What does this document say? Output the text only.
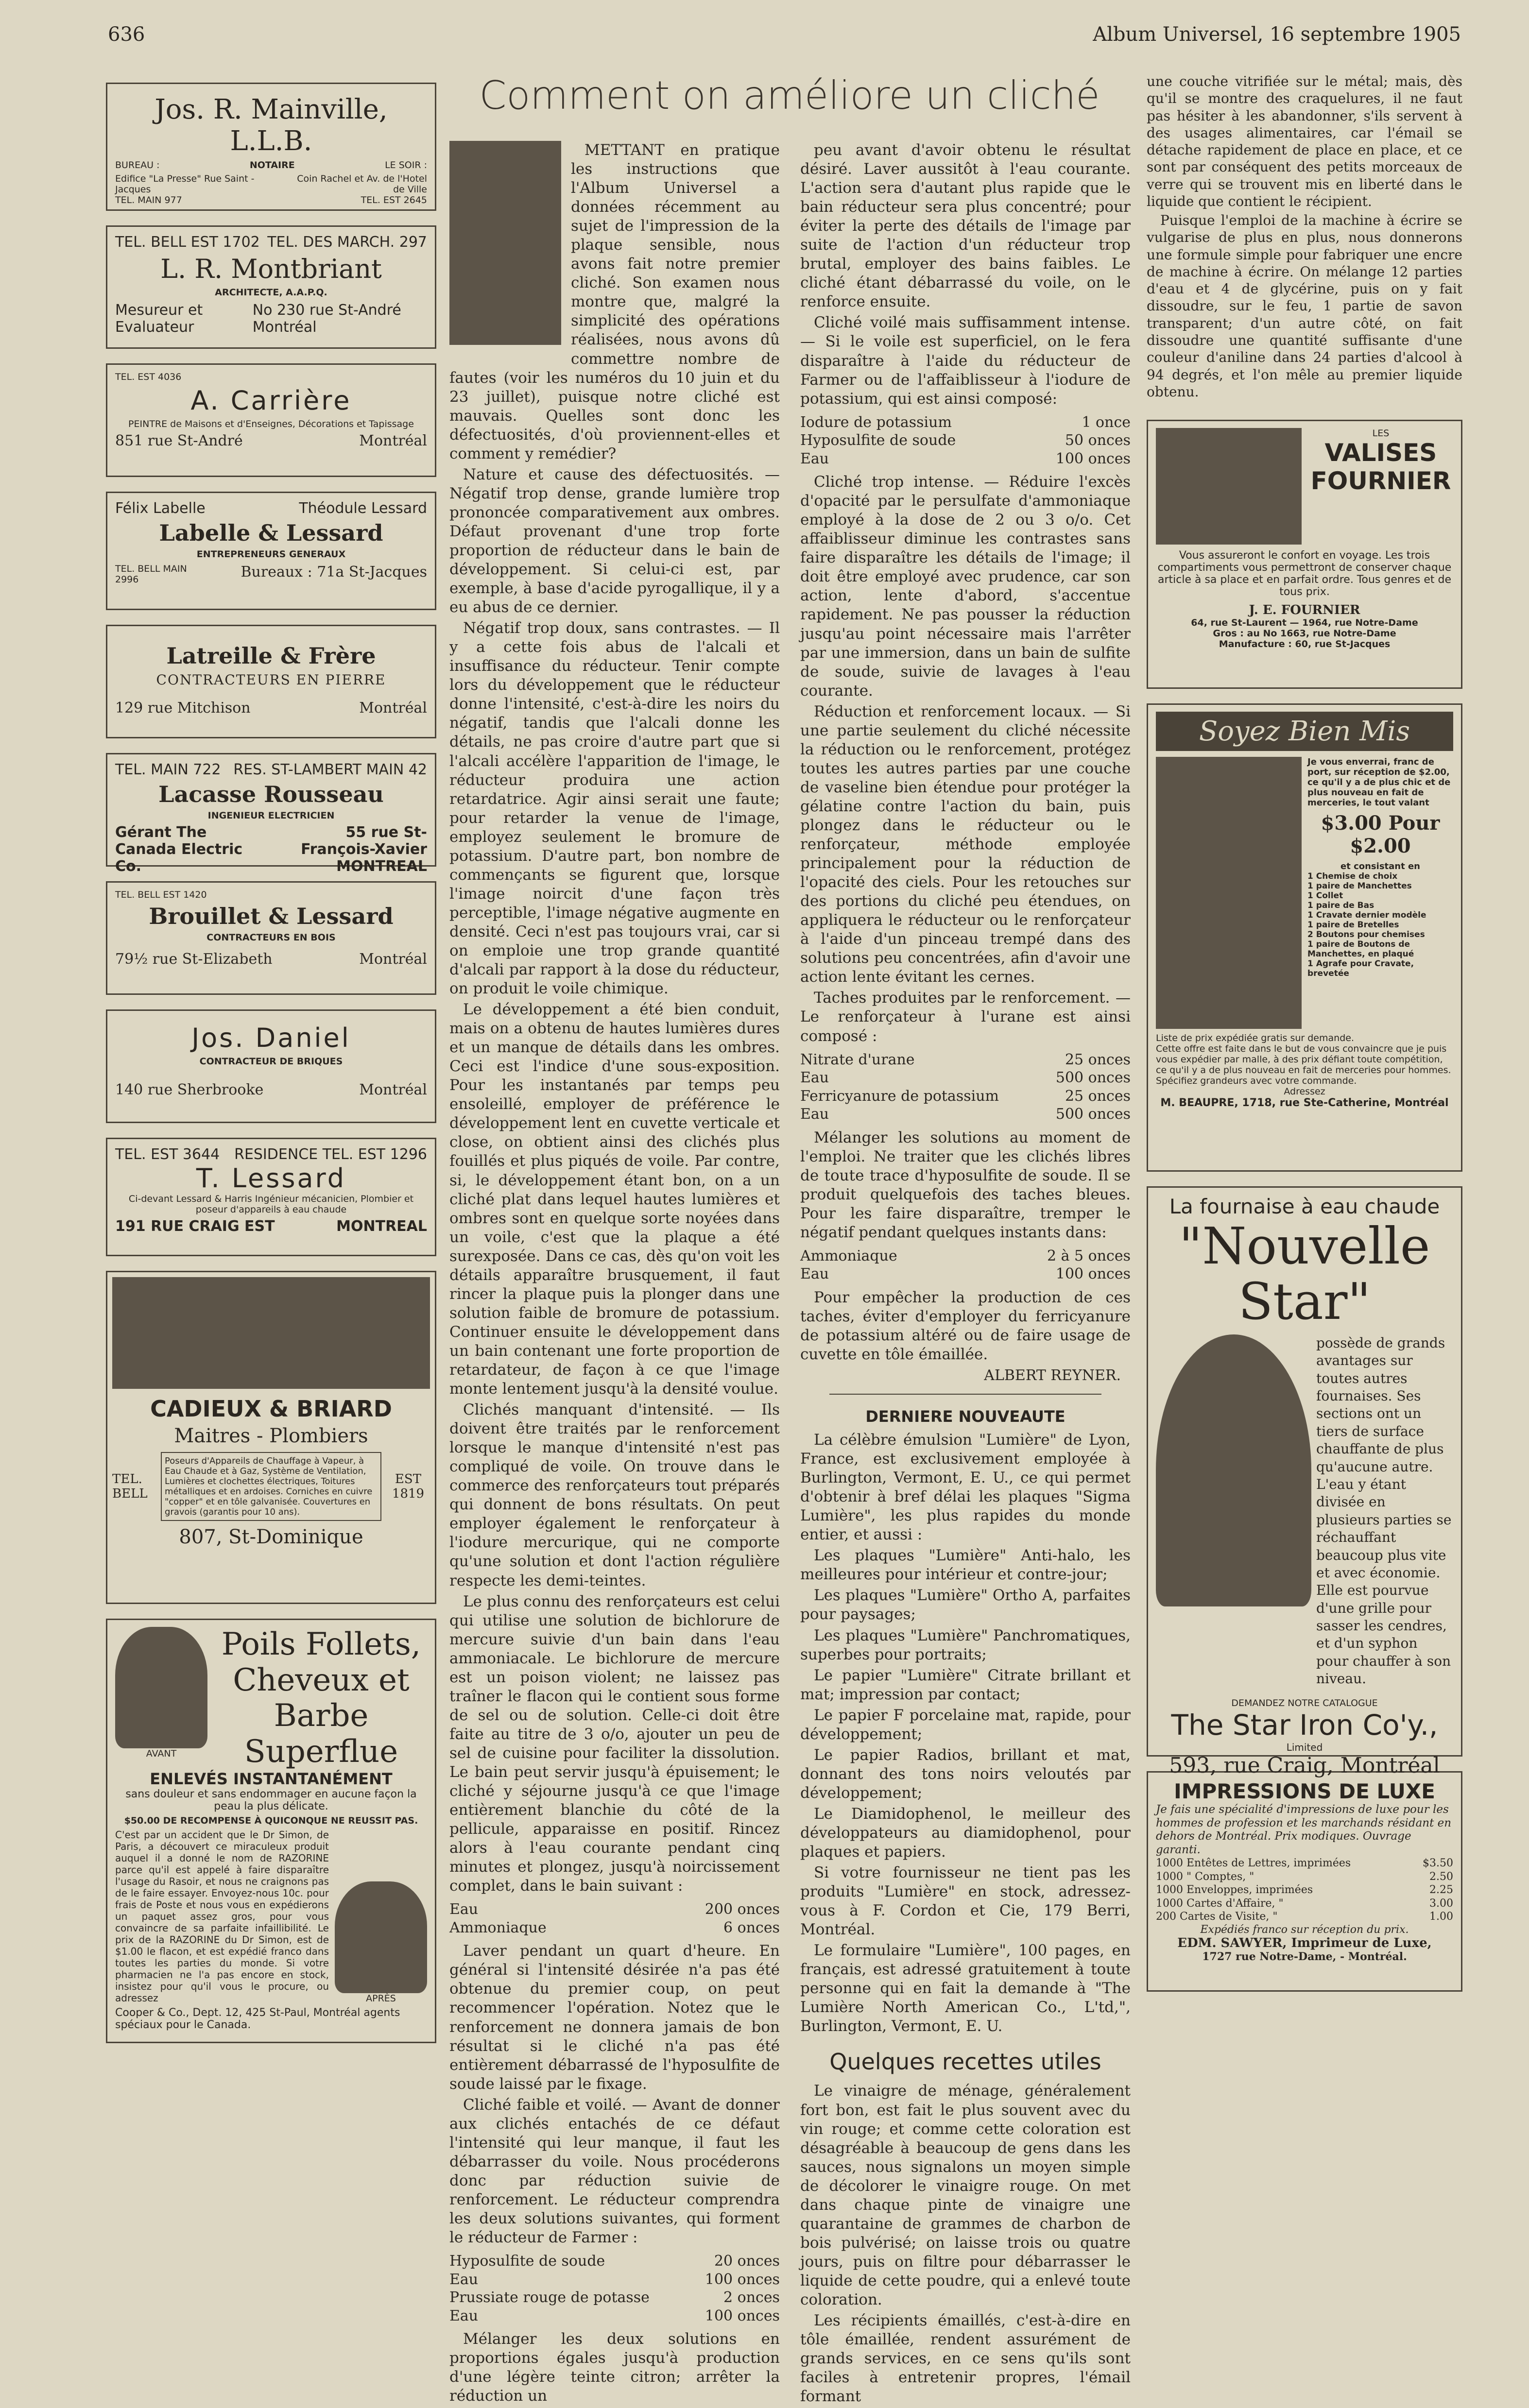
636	Album Universel, 16 septembre 1905
Jos. R. Mainville, L.L.B.
BUREAU :	NOTAIRE	LE SOIR :
Edifice "La Presse" Rue Saint - Jacques
Coin Rachel et Av. de l'Hotel de Ville
TEL. MAIN 977	TEL. EST 2645
TEL. BELL EST 1702 TEL. DES MARCH. 297
L. R. Montbriant
ARCHITECTE, A.A.P.Q.
Mesureur et Evaluateur
No 230 rue St-André Montréal
TEL. EST 4036
A. Carrière
PEINTRE de Maisons et d'Enseignes, Décorations et Tapissage
851 rue St-André	Montréal
Félix Labelle	Théodule Lessard
Labelle & Lessard
ENTREPRENEURS GENERAUX
TEL. BELL MAIN 2996	Bureaux : 71a St-Jacques
Latreille & Frère
CONTRACTEURS EN PIERRE
129 rue Mitchison	Montréal
TEL. MAIN 722 RES. ST-LAMBERT MAIN 42
Lacasse Rousseau
INGENIEUR ELECTRICIEN
Gérant The Canada Electric Co.
55 rue St-François-Xavier MONTREAL
TEL. BELL EST 1420
Brouillet & Lessard
CONTRACTEURS EN BOIS
79½ rue St-Elizabeth	Montréal
Jos. Daniel
CONTRACTEUR DE BRIQUES
140 rue Sherbrooke	Montréal
TEL. EST 3644 RESIDENCE TEL. EST 1296
T. Lessard
Ci-devant Lessard & Harris Ingénieur mécanicien, Plombier et poseur d'appareils à eau chaude
191 RUE CRAIG EST	MONTREAL
CADIEUX & BRIARD
Maitres - Plombiers
TEL. BELL
Poseurs d'Appareils de Chauffage à Vapeur, à Eau Chaude et à Gaz, Système de Ventilation, Lumières et clochettes électriques, Toitures métalliques et en ardoises. Corniches en cuivre "copper" et en tôle galvanisée. Couvertures en gravois (garantis pour 10 ans).
EST 1819
807, St-Dominique
AVANT
Poils Follets, Cheveux et Barbe Superflue
ENLEVÉS INSTANTANÉMENT
sans douleur et sans endommager en aucune façon la peau la plus délicate.
$50.00 DE RECOMPENSE À QUICONQUE NE REUSSIT PAS.
C'est par un accident que le Dr Simon, de Paris, a découvert ce miraculeux produit auquel il a donné le nom de RAZORINE parce qu'il est appelé à faire disparaître l'usage du Rasoir, et nous ne craignons pas de le faire essayer. Envoyez-nous 10c. pour frais de Poste et nous vous en expédierons un paquet assez gros, pour vous convaincre de sa parfaite infaillibilité. Le prix de la RAZORINE du Dr Simon, est de $1.00 le flacon, et est expédié franco dans toutes les parties du monde. Si votre pharmacien ne l'a pas encore en stock, insistez pour qu'il vous le procure, ou adressez	APRÈS
Cooper & Co., Dept. 12, 425 St-Paul, Montréal agents spéciaux pour le Canada.
Comment on améliore un cliché

METTANT en pratique les instructions que l'Album Universel a données récemment au sujet de l'impression de la plaque sensible, nous avons fait notre premier cliché. Son examen nous montre que, malgré la simplicité des opérations réalisées, nous avons dû commettre nombre de fautes (voir les numéros du 10 juin et du 23 juillet), puisque notre cliché est mauvais. Quelles sont donc les défectuosités, d'où proviennent-elles et comment y remédier?

Nature et cause des défectuosités. — Négatif trop dense, grande lumière trop prononcée comparativement aux ombres. Défaut provenant d'une trop forte proportion de réducteur dans le bain de développement. Si celui-ci est, par exemple, à base d'acide pyrogallique, il y a eu abus de ce dernier.

Négatif trop doux, sans contrastes. — Il y a cette fois abus de l'alcali et insuffisance du réducteur. Tenir compte lors du développement que le réducteur donne l'intensité, c'est-à-dire les noirs du négatif, tandis que l'alcali donne les détails, ne pas croire d'autre part que si l'alcali accélère l'apparition de l'image, le réducteur produira une action retardatrice. Agir ainsi serait une faute; pour retarder la venue de l'image, employez seulement le bromure de potassium. D'autre part, bon nombre de commençants se figurent que, lorsque l'image noircit d'une façon très perceptible, l'image négative augmente en densité. Ceci n'est pas toujours vrai, car si on emploie une trop grande quantité d'alcali par rapport à la dose du réducteur, on produit le voile chimique.

Le développement a été bien conduit, mais on a obtenu de hautes lumières dures et un manque de détails dans les ombres. Ceci est l'indice d'une sous-exposition. Pour les instantanés par temps peu ensoleillé, employer de préférence le développement lent en cuvette verticale et close, on obtient ainsi des clichés plus fouillés et plus piqués de voile. Par contre, si, le développement étant bon, on a un cliché plat dans lequel hautes lumières et ombres sont en quelque sorte noyées dans un voile, c'est que la plaque a été surexposée. Dans ce cas, dès qu'on voit les détails apparaître brusquement, il faut rincer la plaque puis la plonger dans une solution faible de bromure de potassium. Continuer ensuite le développement dans un bain contenant une forte proportion de retardateur, de façon à ce que l'image monte lentement jusqu'à la densité voulue.

Clichés manquant d'intensité. — Ils doivent être traités par le renforcement lorsque le manque d'intensité n'est pas compliqué de voile. On trouve dans le commerce des renforçateurs tout préparés qui donnent de bons résultats. On peut employer également le renforçateur à l'iodure mercurique, qui ne comporte qu'une solution et dont l'action régulière respecte les demi-teintes.

Le plus connu des renforçateurs est celui qui utilise une solution de bichlorure de mercure suivie d'un bain dans l'eau ammoniacale. Le bichlorure de mercure est un poison violent; ne laissez pas traîner le flacon qui le contient sous forme de sel ou de solution. Celle-ci doit être faite au titre de 3 o/o, ajouter un peu de sel de cuisine pour faciliter la dissolution. Le bain peut servir jusqu'à épuisement; le cliché y séjourne jusqu'à ce que l'image entièrement blanchie du côté de la pellicule, apparaisse en positif. Rincez alors à l'eau courante pendant cinq minutes et plongez, jusqu'à noircissement complet, dans le bain suivant :

Eau	200 onces
Ammoniaque	6 onces

Laver pendant un quart d'heure. En général si l'intensité désirée n'a pas été obtenue du premier coup, on peut recommencer l'opération. Notez que le renforcement ne donnera jamais de bon résultat si le cliché n'a pas été entièrement débarrassé de l'hyposulfite de soude laissé par le fixage.

Cliché faible et voilé. — Avant de donner aux clichés entachés de ce défaut l'intensité qui leur manque, il faut les débarrasser du voile. Nous procéderons donc par réduction suivie de renforcement. Le réducteur comprendra les deux solutions suivantes, qui forment le réducteur de Farmer :

Hyposulfite de soude	20 onces
Eau	100 onces
Prussiate rouge de potasse	2 onces
Eau	100 onces

Mélanger les deux solutions en proportions égales jusqu'à production d'une légère teinte citron; arrêter la réduction un

peu avant d'avoir obtenu le résultat désiré. Laver aussitôt à l'eau courante. L'action sera d'autant plus rapide que le bain réducteur sera plus concentré; pour éviter la perte des détails de l'image par suite de l'action d'un réducteur trop brutal, employer des bains faibles. Le cliché étant débarrassé du voile, on le renforce ensuite.

Cliché voilé mais suffisamment intense. — Si le voile est superficiel, on le fera disparaître à l'aide du réducteur de Farmer ou de l'affaiblisseur à l'iodure de potassium, qui est ainsi composé:

Iodure de potassium	1 once
Hyposulfite de soude	50 onces
Eau	100 onces

Cliché trop intense. — Réduire l'excès d'opacité par le persulfate d'ammoniaque employé à la dose de 2 ou 3 o/o. Cet affaiblisseur diminue les contrastes sans faire disparaître les détails de l'image; il doit être employé avec prudence, car son action, lente d'abord, s'accentue rapidement. Ne pas pousser la réduction jusqu'au point nécessaire mais l'arrêter par une immersion, dans un bain de sulfite de soude, suivie de lavages à l'eau courante.

Réduction et renforcement locaux. — Si une partie seulement du cliché nécessite la réduction ou le renforcement, protégez toutes les autres parties par une couche de vaseline bien étendue pour protéger la gélatine contre l'action du bain, puis plongez dans le réducteur ou le renforçateur, méthode employée principalement pour la réduction de l'opacité des ciels. Pour les retouches sur des portions du cliché peu étendues, on appliquera le réducteur ou le renforçateur à l'aide d'un pinceau trempé dans des solutions peu concentrées, afin d'avoir une action lente évitant les cernes.

Taches produites par le renforcement. — Le renforçateur à l'urane est ainsi composé :

Nitrate d'urane	25 onces
Eau	500 onces
Ferricyanure de potassium	25 onces
Eau	500 onces

Mélanger les solutions au moment de l'emploi. Ne traiter que les clichés libres de toute trace d'hyposulfite de soude. Il se produit quelquefois des taches bleues. Pour les faire disparaître, tremper le négatif pendant quelques instants dans:

Ammoniaque	2 à 5 onces
Eau	100 onces

Pour empêcher la production de ces taches, éviter d'employer du ferricyanure de potassium altéré ou de faire usage de cuvette en tôle émaillée.

ALBERT REYNER.
DERNIERE NOUVEAUTE

La célèbre émulsion "Lumière" de Lyon, France, est exclusivement employée à Burlington, Vermont, E. U., ce qui permet d'obtenir à bref délai les plaques "Sigma Lumière", les plus rapides du monde entier, et aussi :

Les plaques "Lumière" Anti-halo, les meilleures pour intérieur et contre-jour;

Les plaques "Lumière" Ortho A, parfaites pour paysages;

Les plaques "Lumière" Panchromatiques, superbes pour portraits;

Le papier "Lumière" Citrate brillant et mat; impression par contact;

Le papier F porcelaine mat, rapide, pour développement;

Le papier Radios, brillant et mat, donnant des tons noirs veloutés par développement;

Le Diamidophenol, le meilleur des développateurs au diamidophenol, pour plaques et papiers.

Si votre fournisseur ne tient pas les produits "Lumière" en stock, adressez-vous à F. Cordon et Cie, 179 Berri, Montréal.

Le formulaire "Lumière", 100 pages, en français, est adressé gratuitement à toute personne qui en fait la demande à "The Lumière North American Co., L'td,", Burlington, Vermont, E. U.

Quelques recettes utiles

Le vinaigre de ménage, généralement fort bon, est fait le plus souvent avec du vin rouge; et comme cette coloration est désagréable à beaucoup de gens dans les sauces, nous signalons un moyen simple de décolorer le vinaigre rouge. On met dans chaque pinte de vinaigre une quarantaine de grammes de charbon de bois pulvérisé; on laisse trois ou quatre jours, puis on filtre pour débarrasser le liquide de cette poudre, qui a enlevé toute coloration.

Les récipients émaillés, c'est-à-dire en tôle émaillée, rendent assurément de grands services, en ce sens qu'ils sont faciles à entretenir propres, l'émail formant

une couche vitrifiée sur le métal; mais, dès qu'il se montre des craquelures, il ne faut pas hésiter à les abandonner, s'ils servent à des usages alimentaires, car l'émail se détache rapidement de place en place, et ce sont par conséquent des petits morceaux de verre qui se trouvent mis en liberté dans le liquide que contient le récipient.

Puisque l'emploi de la machine à écrire se vulgarise de plus en plus, nous donnerons une formule simple pour fabriquer une encre de machine à écrire. On mélange 12 parties d'eau et 4 de glycérine, puis on y fait dissoudre, sur le feu, 1 partie de savon transparent; d'un autre côté, on fait dissoudre une quantité suffisante d'une couleur d'aniline dans 24 parties d'alcool à 94 degrés, et l'on mêle au premier liquide obtenu.

LES
VALISES FOURNIER
Vous assureront le confort en voyage. Les trois compartiments vous permettront de conserver chaque article à sa place et en parfait ordre. Tous genres et de tous prix.
J. E. FOURNIER
64, rue St-Laurent — 1964, rue Notre-Dame
Gros : au No 1663, rue Notre-Dame
Manufacture : 60, rue St-Jacques
Soyez Bien Mis
Je vous enverrai, franc de port, sur réception de $2.00, ce qu'il y a de plus chic et de plus nouveau en fait de merceries, le tout valant
$3.00 Pour $2.00
et consistant en
1 Chemise de choix
1 paire de Manchettes
1 Collet
1 paire de Bas
1 Cravate dernier modèle
1 paire de Bretelles
2 Boutons pour chemises
1 paire de Boutons de Manchettes, en plaqué
1 Agrafe pour Cravate, brevetée
Liste de prix expédiée gratis sur demande.
Cette offre est faite dans le but de vous convaincre que je puis vous expédier par malle, à des prix défiant toute compétition, ce qu'il y a de plus nouveau en fait de merceries pour hommes. Spécifiez grandeurs avec votre commande.
Adressez
M. BEAUPRE, 1718, rue Ste-Catherine, Montréal
La fournaise à eau chaude
"Nouvelle Star"
possède de grands avantages sur toutes autres fournaises. Ses sections ont un tiers de surface chauffante de plus qu'aucune autre. L'eau y étant divisée en plusieurs parties se réchauffant beaucoup plus vite et avec économie. Elle est pourvue d'une grille pour sasser les cendres, et d'un syphon pour chauffer à son niveau.
DEMANDEZ NOTRE CATALOGUE
The Star Iron Co'y.,
Limited
593, rue Craig, Montréal
IMPRESSIONS DE LUXE
Je fais une spécialité d'impressions de luxe pour les hommes de profession et les marchands résidant en dehors de Montréal. Prix modiques. Ouvrage garanti.
1000 Entêtes de Lettres, imprimées	$3.50
1000 " Comptes, "	2.50
1000 Enveloppes, imprimées	2.25
1000 Cartes d'Affaire, "	3.00
200 Cartes de Visite, "	1.00
Expédiés franco sur réception du prix.
EDM. SAWYER, Imprimeur de Luxe,
1727 rue Notre-Dame, - Montréal.
